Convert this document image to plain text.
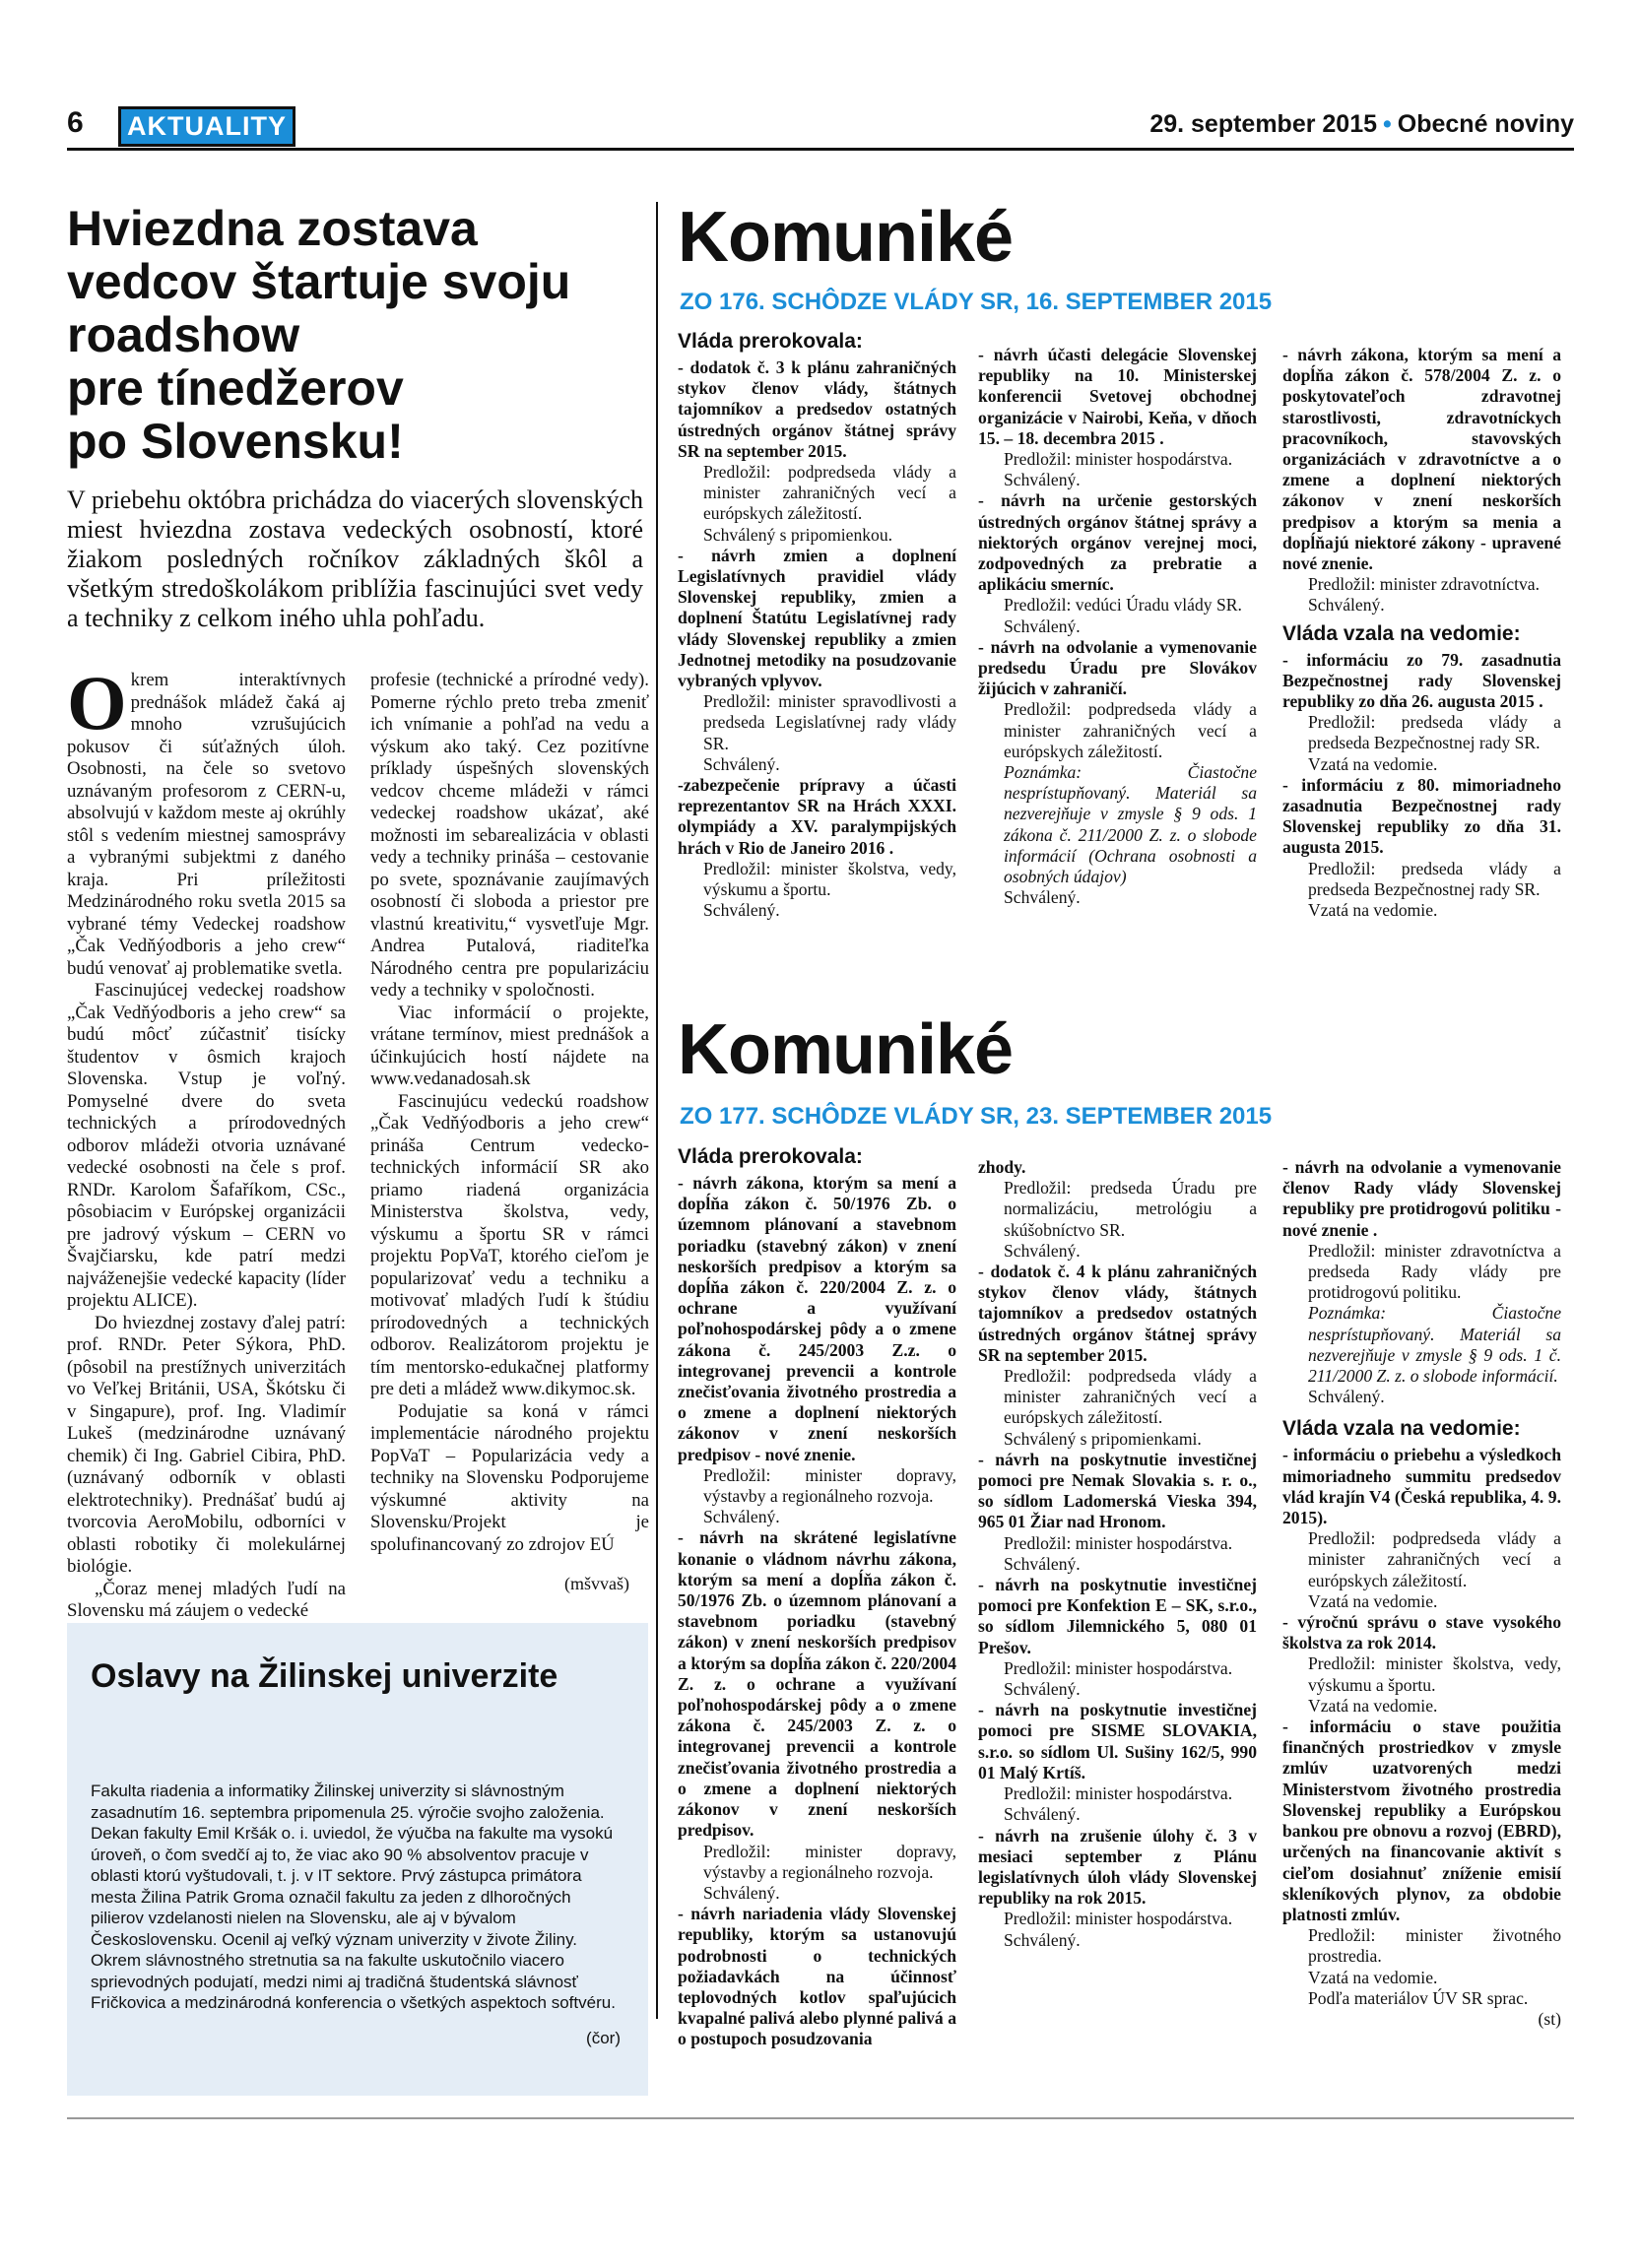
6	AKTUALITY	29. september 2015 • Obecné noviny
Hviezdna zostava
vedcov štartuje svoju
roadshow
pre tínedžerov
po Slovensku!

V priebehu októbra prichádza do viacerých slovenských miest hviezdna zostava vedeckých osobností, ktoré žiakom posledných ročníkov základných škôl a všetkým stredoškolákom priblížia fascinujúci svet vedy a techniky z celkom iného uhla pohľadu.

Okrem interaktívnych prednášok mládež čaká aj mnoho vzrušujúcich pokusov či súťažných úloh. Osobnosti, na čele so svetovo uznávaným profesorom z CERN-u, absolvujú v každom meste aj okrúhly stôl s vedením miestnej samosprávy a vybranými subjektmi z daného kraja. Pri príležitosti Medzinárodného roku svetla 2015 sa vybrané témy Vedeckej roadshow „Čak Vedňýodboris a jeho crew“ budú venovať aj problematike svetla.

Fascinujúcej vedeckej roadshow „Čak Vedňýodboris a jeho crew“ sa budú môcť zúčastniť tisícky študentov v ôsmich krajoch Slovenska. Vstup je voľný. Pomyselné dvere do sveta technických a prírodovedných odborov mládeži otvoria uznávané vedecké osobnosti na čele s prof. RNDr. Karolom Šafaříkom, CSc., pôsobiacim v Európskej organizácii pre jadrový výskum – CERN vo Švajčiarsku, kde patrí medzi najváženejšie vedecké kapacity (líder projektu ALICE).

Do hviezdnej zostavy ďalej patrí: prof. RNDr. Peter Sýkora, PhD. (pôsobil na prestížnych univerzitách vo Veľkej Británii, USA, Škótsku či v Singapure), prof. Ing. Vladimír Lukeš (medzinárodne uznávaný chemik) či Ing. Gabriel Cibira, PhD. (uznávaný odborník v oblasti elektrotechniky). Prednášať budú aj tvorcovia AeroMobilu, odborníci v oblasti robotiky či molekulárnej biológie.

„Čoraz menej mladých ľudí na Slovensku má záujem o vedecké

profesie (technické a prírodné vedy). Pomerne rýchlo preto treba zmeniť ich vnímanie a pohľad na vedu a výskum ako taký. Cez pozitívne príklady úspešných slovenských vedcov chceme mládeži v rámci vedeckej roadshow ukázať, aké možnosti im sebarealizácia v oblasti vedy a techniky prináša – cestovanie po svete, spoznávanie zaujímavých osobností či sloboda a priestor pre vlastnú kreativitu,“ vysvetľuje Mgr. Andrea Putalová, riaditeľka Národného centra pre popularizáciu vedy a techniky v spoločnosti.

Viac informácií o projekte, vrátane termínov, miest prednášok a účinkujúcich hostí nájdete na www.vedanadosah.sk

Fascinujúcu vedeckú roadshow „Čak Vedňýodboris a jeho crew“ prináša Centrum vedecko-technických informácií SR ako priamo riadená organizácia Ministerstva školstva, vedy, výskumu a športu SR v rámci projektu PopVaT, ktorého cieľom je popularizovať vedu a techniku a motivovať mladých ľudí k štúdiu prírodovedných a technických odborov. Realizátorom projektu je tím mentorsko-edukačnej platformy pre deti a mládež www.dikymoc.sk.

Podujatie sa koná v rámci implementácie národného projektu PopVaT – Popularizácia vedy a techniky na Slovensku Podporujeme výskumné aktivity na Slovensku/Projekt je spolufinancovaný zo zdrojov EÚ

(mšvvaš)
Oslavy na Žilinskej univerzite

Fakulta riadenia a informatiky Žilinskej univerzity si slávnostným zasadnutím 16. septembra pripomenula 25. výročie svojho založenia. Dekan fakulty Emil Kršák o. i. uviedol, že výučba na fakulte ma vysokú úroveň, o čom svedčí aj to, že viac ako 90 % absolventov pracuje v oblasti ktorú vyštudovali, t. j. v IT sektore. Prvý zástupca primátora mesta Žilina Patrik Groma označil fakultu za jeden z dlhoročných pilierov vzdelanosti nielen na Slovensku, ale aj v bývalom Československu. Ocenil aj veľký význam univerzity v živote Žiliny. Okrem slávnostného stretnutia sa na fakulte uskutočnilo viacero sprievodných podujatí, medzi nimi aj tradičná študentská slávnosť Fričkovica a medzinárodná konferencia o všetkých aspektoch softvéru.

(čor)
Komuniké

ZO 176. SCHÔDZE VLÁDY SR, 16. SEPTEMBER 2015

Vláda prerokovala:

- dodatok č. 3 k plánu zahraničných stykov členov vlády, štátnych tajomníkov a predsedov ostatných ústredných orgánov štátnej správy SR na september 2015.

Predložil: podpredseda vlády a minister zahraničných vecí a európskych záležitostí.

Schválený s pripomienkou.

- návrh zmien a doplnení Legislatívnych pravidiel vlády Slovenskej republiky, zmien a doplnení Štatútu Legislatívnej rady vlády Slovenskej republiky a zmien Jednotnej metodiky na posudzovanie vybraných vplyvov.

Predložil: minister spravodlivosti a predseda Legislatívnej rady vlády SR.

Schválený.

-zabezpečenie prípravy a účasti reprezentantov SR na Hrách XXXI. olympiády a XV. paralympijských hrách v Rio de Janeiro 2016 .

Predložil: minister školstva, vedy, výskumu a športu.

Schválený.

- návrh účasti delegácie Slovenskej republiky na 10. Ministerskej konferencii Svetovej obchodnej organizácie v Nairobi, Keňa, v dňoch 15. – 18. decembra 2015 .

Predložil: minister hospodárstva.

Schválený.

- návrh na určenie gestorských ústredných orgánov štátnej správy a niektorých orgánov verejnej moci, zodpovedných za prebratie a aplikáciu smerníc.

Predložil: vedúci Úradu vlády SR.

Schválený.

- návrh na odvolanie a vymenovanie predsedu Úradu pre Slovákov žijúcich v zahraničí.

Predložil: podpredseda vlády a minister zahraničných vecí a európskych záležitostí.

Poznámka: Čiastočne nesprístupňovaný. Materiál sa nezverejňuje v zmysle § 9 ods. 1 zákona č. 211/2000 Z. z. o slobode informácií (Ochrana osobnosti a osobných údajov)

Schválený.

- návrh zákona, ktorým sa mení a dopĺňa zákon č. 578/2004 Z. z. o poskytovateľoch zdravotnej starostlivosti, zdravotníckych pracovníkoch, stavovských organizáciách v zdravotníctve a o zmene a doplnení niektorých zákonov v znení neskorších predpisov a ktorým sa menia a dopĺňajú niektoré zákony - upravené nové znenie.

Predložil: minister zdravotníctva.

Schválený.

Vláda vzala na vedomie:

- informáciu zo 79. zasadnutia Bezpečnostnej rady Slovenskej republiky zo dňa 26. augusta 2015 .

Predložil: predseda vlády a predseda Bezpečnostnej rady SR.

Vzatá na vedomie.

- informáciu z 80. mimoriadneho zasadnutia Bezpečnostnej rady Slovenskej republiky zo dňa 31. augusta 2015.

Predložil: predseda vlády a predseda Bezpečnostnej rady SR.

Vzatá na vedomie.

Komuniké

ZO 177. SCHÔDZE VLÁDY SR, 23. SEPTEMBER 2015

Vláda prerokovala:

- návrh zákona, ktorým sa mení a dopĺňa zákon č. 50/1976 Zb. o územnom plánovaní a stavebnom poriadku (stavebný zákon) v znení neskorších predpisov a ktorým sa dopĺňa zákon č. 220/2004 Z. z. o ochrane a využívaní poľnohospodárskej pôdy a o zmene zákona č. 245/2003 Z.z. o integrovanej prevencii a kontrole znečisťovania životného prostredia a o zmene a doplnení niektorých zákonov v znení neskorších predpisov - nové znenie.

Predložil: minister dopravy, výstavby a regionálneho rozvoja.

Schválený.

- návrh na skrátené legislatívne konanie o vládnom návrhu zákona, ktorým sa mení a dopĺňa zákon č. 50/1976 Zb. o územnom plánovaní a stavebnom poriadku (stavebný zákon) v znení neskorších predpisov a ktorým sa dopĺňa zákon č. 220/2004 Z. z. o ochrane a využívaní poľnohospodárskej pôdy a o zmene zákona č. 245/2003 Z. z. o integrovanej prevencii a kontrole znečisťovania životného prostredia a o zmene a doplnení niektorých zákonov v znení neskorších predpisov.

Predložil: minister dopravy, výstavby a regionálneho rozvoja.

Schválený.

- návrh nariadenia vlády Slovenskej republiky, ktorým sa ustanovujú podrobnosti o technických požiadavkách na účinnosť teplovodných kotlov spaľujúcich kvapalné palivá alebo plynné palivá a o postupoch posudzovania

zhody.

Predložil: predseda Úradu pre normalizáciu, metrológiu a skúšobníctvo SR.

Schválený.

- dodatok č. 4 k plánu zahraničných stykov členov vlády, štátnych tajomníkov a predsedov ostatných ústredných orgánov štátnej správy SR na september 2015.

Predložil: podpredseda vlády a minister zahraničných vecí a európskych záležitostí.

Schválený s pripomienkami.

- návrh na poskytnutie investičnej pomoci pre Nemak Slovakia s. r. o., so sídlom Ladomerská Vieska 394, 965 01 Žiar nad Hronom.

Predložil: minister hospodárstva.

Schválený.

- návrh na poskytnutie investičnej pomoci pre Konfektion E – SK, s.r.o., so sídlom Jilemnického 5, 080 01 Prešov.

Predložil: minister hospodárstva.

Schválený.

- návrh na poskytnutie investičnej pomoci pre SISME SLOVAKIA, s.r.o. so sídlom Ul. Sušiny 162/5, 990 01 Malý Krtíš.

Predložil: minister hospodárstva.

Schválený.

- návrh na zrušenie úlohy č. 3 v mesiaci september z Plánu legislatívnych úloh vlády Slovenskej republiky na rok 2015.

Predložil: minister hospodárstva.

Schválený.

- návrh na odvolanie a vymenovanie členov Rady vlády Slovenskej republiky pre protidrogovú politiku - nové znenie .

Predložil: minister zdravotníctva a predseda Rady vlády pre protidrogovú politiku.

Poznámka: Čiastočne nesprístupňovaný. Materiál sa nezverejňuje v zmysle § 9 ods. 1 č. 211/2000 Z. z. o slobode informácií.

Schválený.

Vláda vzala na vedomie:

- informáciu o priebehu a výsledkoch mimoriadneho summitu predsedov vlád krajín V4 (Česká republika, 4. 9. 2015).

Predložil: podpredseda vlády a minister zahraničných vecí a európskych záležitostí.

Vzatá na vedomie.

- výročnú správu o stave vysokého školstva za rok 2014.

Predložil: minister školstva, vedy, výskumu a športu.

Vzatá na vedomie.

- informáciu o stave použitia finančných prostriedkov v zmysle zmlúv uzatvorených medzi Ministerstvom životného prostredia Slovenskej republiky a Európskou bankou pre obnovu a rozvoj (EBRD), určených na financovanie aktivít s cieľom dosiahnuť zníženie emisií skleníkových plynov, za obdobie platnosti zmlúv.

Predložil: minister životného prostredia.

Vzatá na vedomie.

Podľa materiálov ÚV SR sprac.

(st)
